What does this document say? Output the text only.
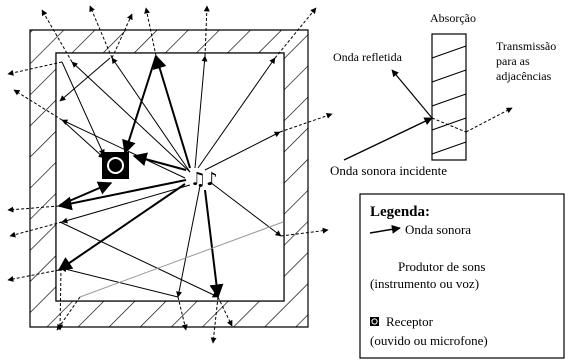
♫♪
Absorção
Onda refletida
Transmissão para as adjacências
Onda sonora incidente
Legenda:
Onda sonora
Produtor de sons
(instrumento ou voz)
Receptor
(ouvido ou microfone)
